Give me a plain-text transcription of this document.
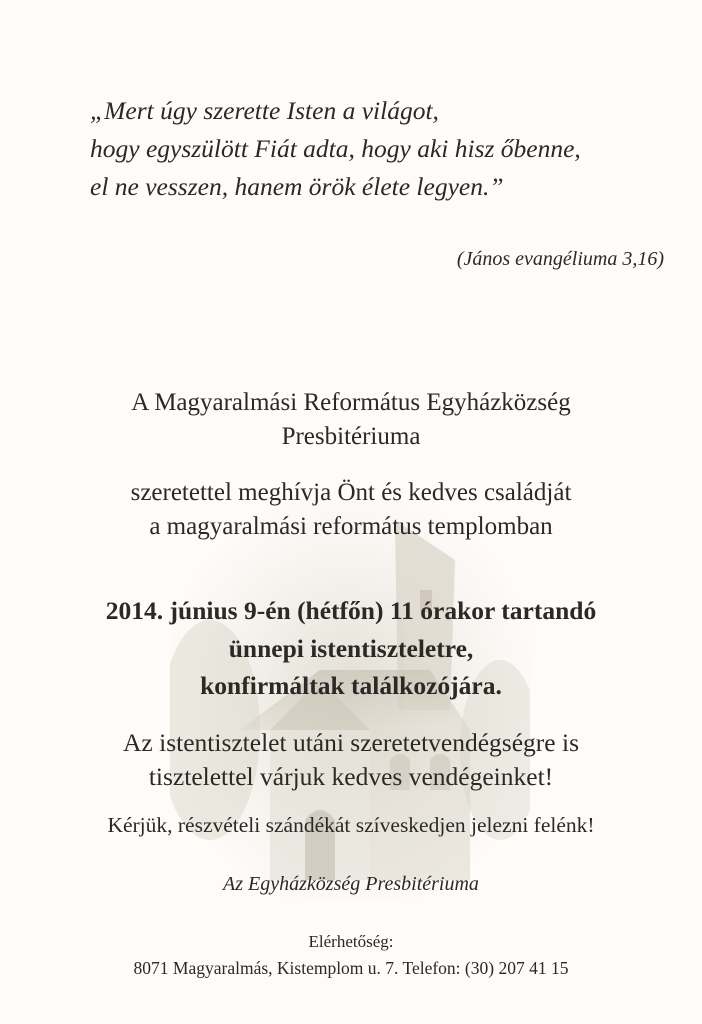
„Mert úgy szerette Isten a világot,
hogy egyszülött Fiát adta, hogy aki hisz őbenne,
el ne vesszen, hanem örök élete legyen.”
(János evangéliuma 3,16)
A Magyaralmási Református Egyházközség
Presbitériuma
szeretettel meghívja Önt és kedves családját
a magyaralmási református templomban
2014. június 9-én (hétfőn) 11 órakor tartandó
ünnepi istentiszteletre,
konfirmáltak találkozójára.
Az istentisztelet utáni szeretetvendégségre is
tisztelettel várjuk kedves vendégeinket!
Kérjük, részvételi szándékát szíveskedjen jelezni felénk!
Az Egyházközség Presbitériuma
Elérhetőség:
8071 Magyaralmás, Kistemplom u. 7. Telefon: (30) 207 41 15
